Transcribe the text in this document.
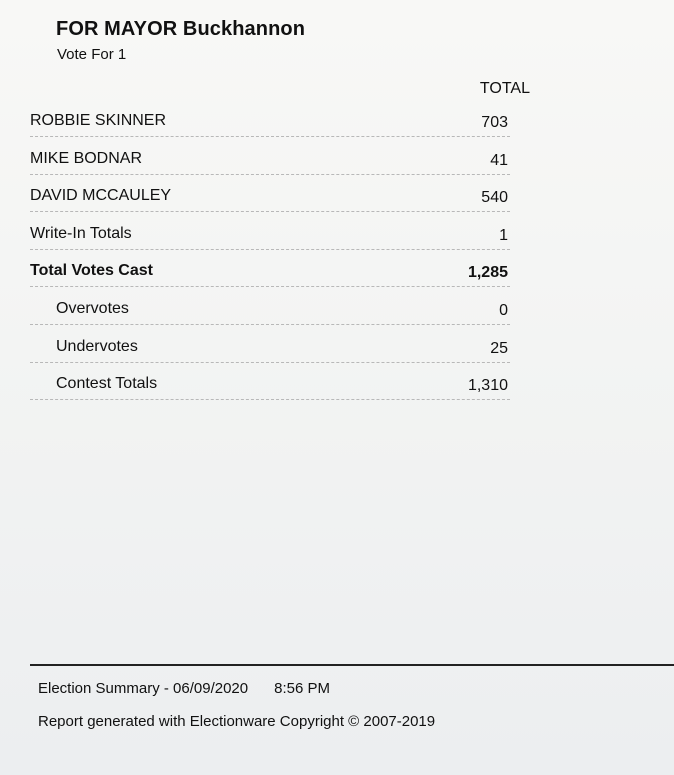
FOR MAYOR Buckhannon
Vote For 1
TOTAL
ROBBIE SKINNER	703
MIKE BODNAR	41
DAVID MCCAULEY	540
Write-In Totals	1
Total Votes Cast	1,285
Overvotes	0
Undervotes	25
Contest Totals	1,310
Election Summary - 06/09/2020 8:56 PM
Report generated with Electionware Copyright © 2007-2019
